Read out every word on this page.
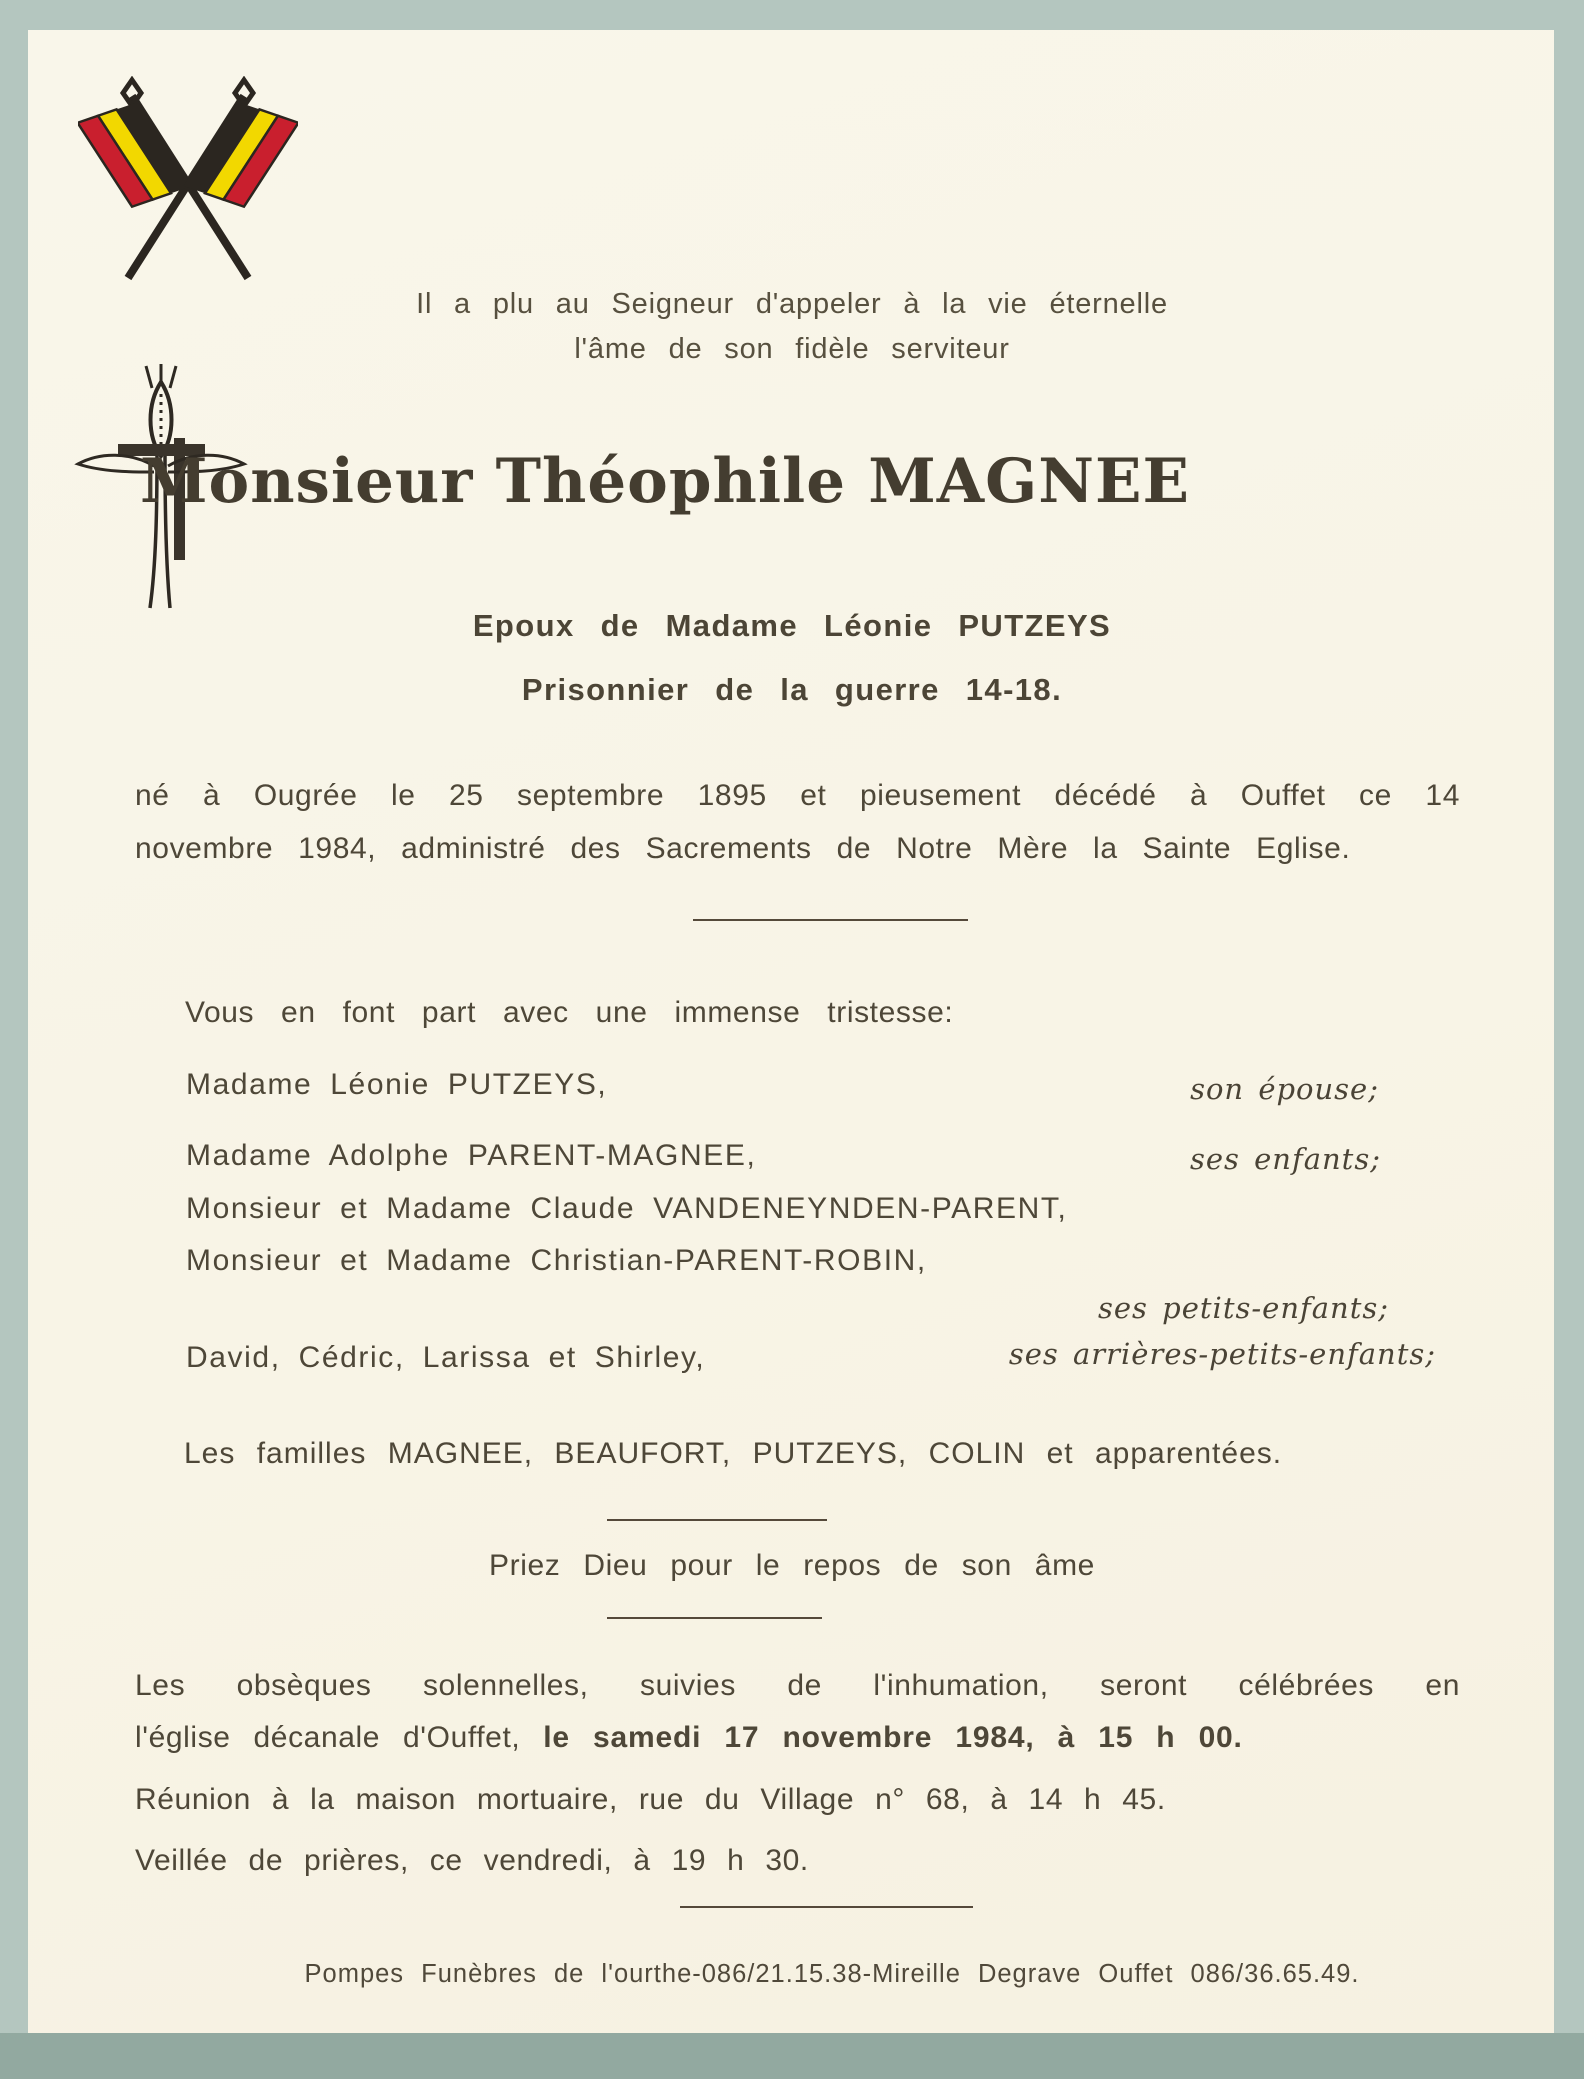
Il a plu au Seigneur d'appeler à la vie éternelle
l'âme de son fidèle serviteur
Monsieur Théophile MAGNEE
Epoux de Madame Léonie PUTZEYS
Prisonnier de la guerre 14-18.
né à Ougrée le 25 septembre 1895 et pieusement décédé à Ouffet ce 14
novembre 1984, administré des Sacrements de Notre Mère la Sainte Eglise.
Vous en font part avec une immense tristesse:
Madame Léonie PUTZEYS,	son épouse;
Madame Adolphe PARENT-MAGNEE,	ses enfants;
Monsieur et Madame Claude VANDENEYNDEN-PARENT,
Monsieur et Madame Christian-PARENT-ROBIN,
ses petits-enfants;
David, Cédric, Larissa et Shirley,	ses arrières-petits-enfants;
Les familles MAGNEE, BEAUFORT, PUTZEYS, COLIN et apparentées.
Priez Dieu pour le repos de son âme
Les obsèques solennelles, suivies de l'inhumation, seront célébrées en
l'église décanale d'Ouffet, le samedi 17 novembre 1984, à 15 h 00.
Réunion à la maison mortuaire, rue du Village n° 68, à 14 h 45.
Veillée de prières, ce vendredi, à 19 h 30.
Pompes Funèbres de l'ourthe-086/21.15.38-Mireille Degrave Ouffet 086/36.65.49.
